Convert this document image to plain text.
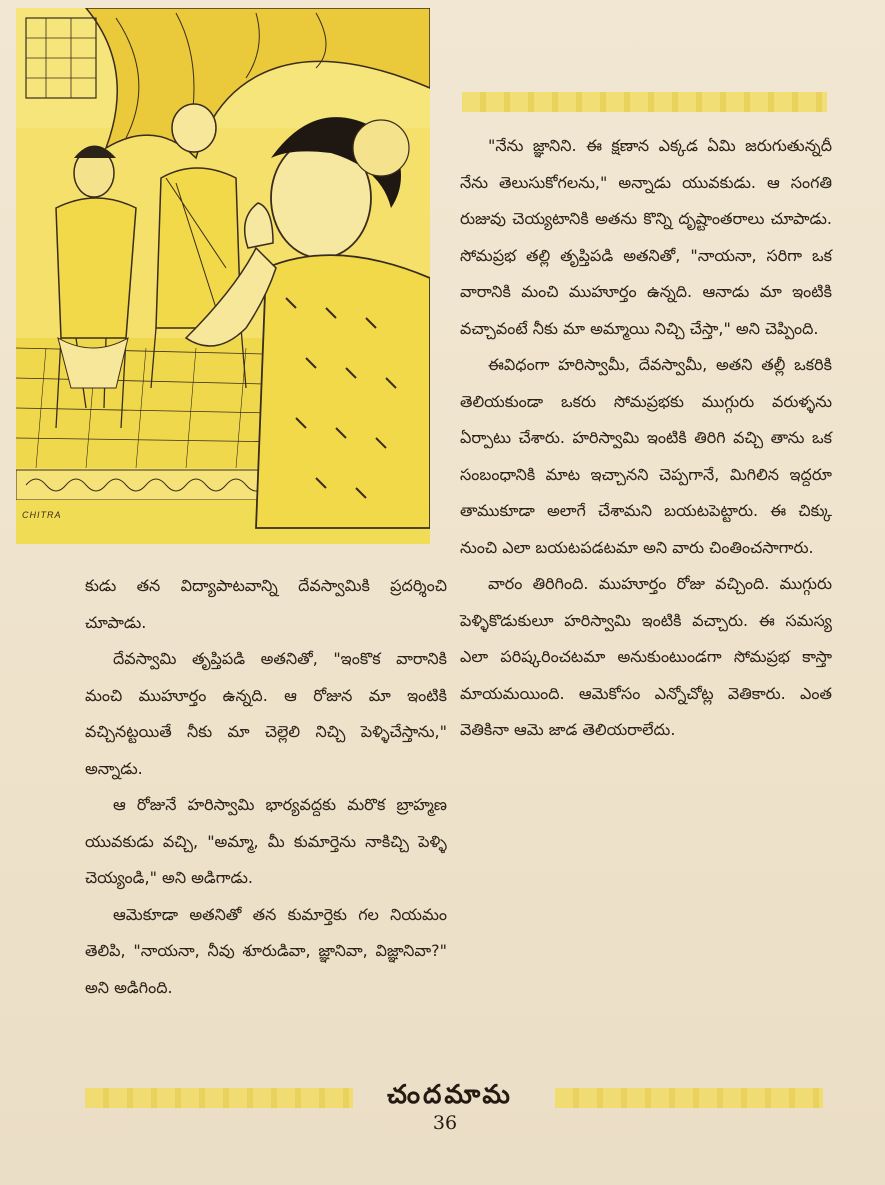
CHITRA

కుడు తన విద్యాపాటవాన్ని దేవస్వామికి ప్రదర్శించి చూపాడు.

దేవస్వామి తృప్తిపడి అతనితో, "ఇంకొక వారానికి మంచి ముహూర్తం ఉన్నది. ఆ రోజున మా ఇంటికి వచ్చినట్టయితే నీకు మా చెల్లెలి నిచ్చి పెళ్ళిచేస్తాను," అన్నాడు.

ఆ రోజునే హరిస్వామి భార్యవద్దకు మరొక బ్రాహ్మణ యువకుడు వచ్చి, "అమ్మా, మీ కుమార్తెను నాకిచ్చి పెళ్ళి చెయ్యండి," అని అడిగాడు.

ఆమెకూడా అతనితో తన కుమార్తెకు గల నియమం తెలిపి, "నాయనా, నీవు శూరుడివా, జ్ఞానివా, విజ్ఞానివా?" అని అడిగింది.

"నేను జ్ఞానిని. ఈ క్షణాన ఎక్కడ ఏమి జరుగుతున్నదీ నేను తెలుసుకోగలను," అన్నాడు యువకుడు. ఆ సంగతి రుజువు చెయ్యటానికి అతను కొన్ని దృష్టాంతరాలు చూపాడు. సోమప్రభ తల్లి తృప్తిపడి అతనితో, "నాయనా, సరిగా ఒక వారానికి మంచి ముహూర్తం ఉన్నది. ఆనాడు మా ఇంటికి వచ్చావంటే నీకు మా అమ్మాయి నిచ్చి చేస్తా," అని చెప్పింది.

ఈవిధంగా హరిస్వామీ, దేవస్వామీ, అతని తల్లీ ఒకరికి తెలియకుండా ఒకరు సోమప్రభకు ముగ్గురు వరుళ్ళను ఏర్పాటు చేశారు. హరిస్వామి ఇంటికి తిరిగి వచ్చి తాను ఒక సంబంధానికి మాట ఇచ్చానని చెప్పగానే, మిగిలిన ఇద్దరూ తాముకూడా అలాగే చేశామని బయటపెట్టారు. ఈ చిక్కు నుంచి ఎలా బయటపడటమా అని వారు చింతించసాగారు.

వారం తిరిగింది. ముహూర్తం రోజు వచ్చింది. ముగ్గురు పెళ్ళికొడుకులూ హరిస్వామి ఇంటికి వచ్చారు. ఈ సమస్య ఎలా పరిష్కరించటమా అనుకుంటుండగా సోమప్రభ కాస్తా మాయమయింది. ఆమెకోసం ఎన్నోచోట్ల వెతికారు. ఎంత వెతికినా ఆమె జాడ తెలియరాలేదు.

చందమామ
36
